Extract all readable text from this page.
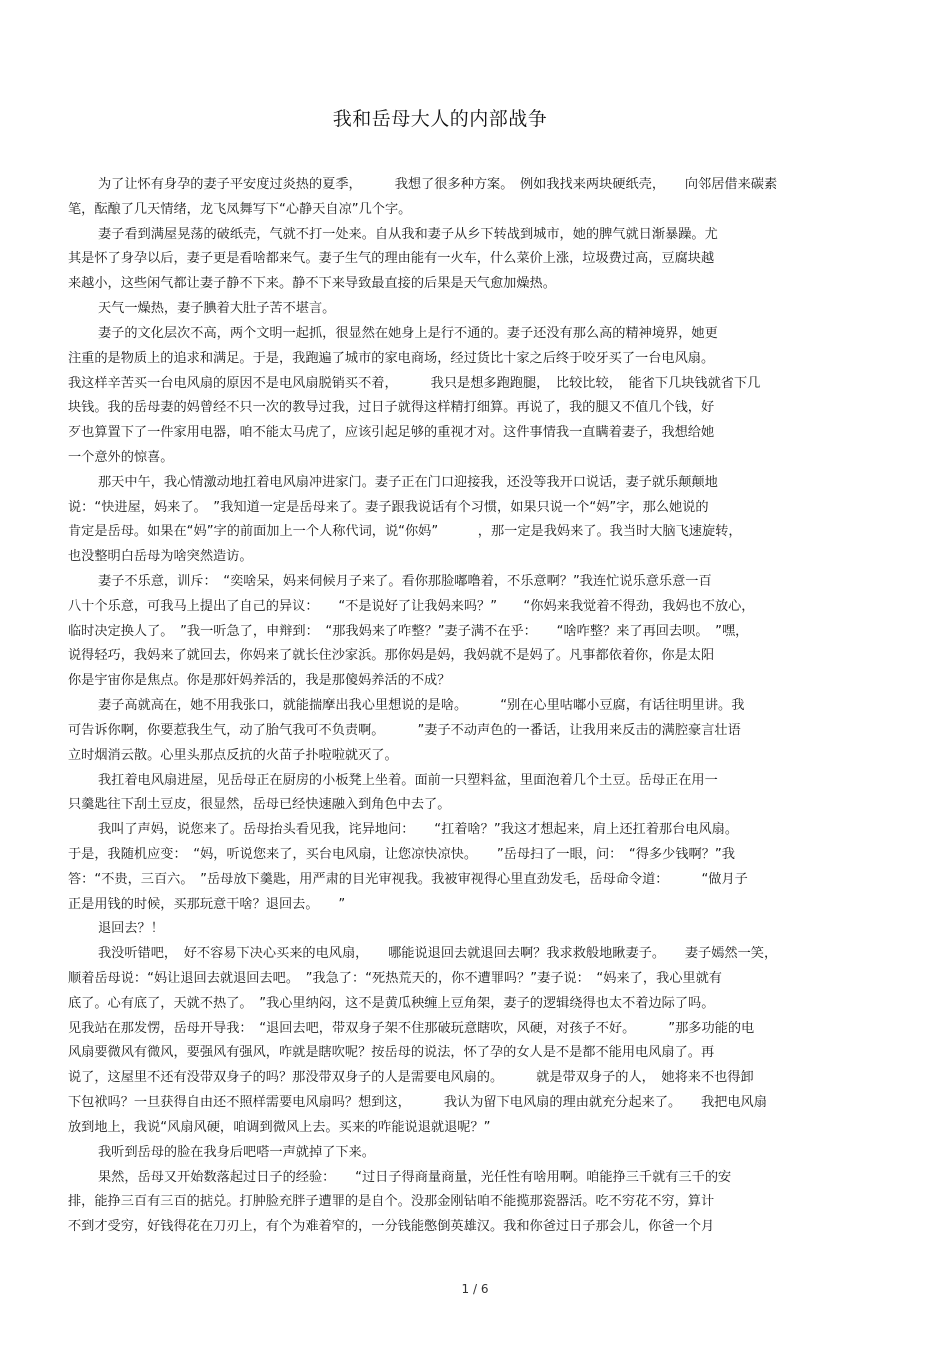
我和岳母大人的内部战争
为了让怀有身孕的妻子平安度过炎热的夏季，　　　我想了很多种方案。　例如我找来两块硬纸壳，　　向邻居借来碳素
笔，酝酿了几天情绪，龙飞凤舞写下“心静天自凉”几个字。
妻子看到满屋晃荡的破纸壳，气就不打一处来。自从我和妻子从乡下转战到城市，她的脾气就日渐暴躁。尤
其是怀了身孕以后，妻子更是看啥都来气。妻子生气的理由能有一火车，什么菜价上涨，垃圾费过高，豆腐块越
来越小，这些闲气都让妻子静不下来。静不下来导致最直接的后果是天气愈加燥热。
天气一燥热，妻子腆着大肚子苦不堪言。
妻子的文化层次不高，两个文明一起抓，很显然在她身上是行不通的。妻子还没有那么高的精神境界，她更
注重的是物质上的追求和满足。于是，我跑遍了城市的家电商场，经过货比十家之后终于咬牙买了一台电风扇。
我这样辛苦买一台电风扇的原因不是电风扇脱销买不着，　　　我只是想多跑跑腿，　比较比较，　能省下几块钱就省下几
块钱。我的岳母妻的妈曾经不只一次的教导过我，过日子就得这样精打细算。再说了，我的腿又不值几个钱，好
歹也算置下了一件家用电器，咱不能太马虎了，应该引起足够的重视才对。这件事情我一直瞒着妻子，我想给她
一个意外的惊喜。
那天中午，我心情激动地扛着电风扇冲进家门。妻子正在门口迎接我，还没等我开口说话，妻子就乐颠颠地
说：“快进屋，妈来了。　”我知道一定是岳母来了。妻子跟我说话有个习惯，如果只说一个“妈”字，那么她说的
肯定是岳母。如果在“妈”字的前面加上一个人称代词，说“你妈”　　　，那一定是我妈来了。我当时大脑飞速旋转，
也没整明白岳母为啥突然造访。
妻子不乐意，训斥：　“奕啥呆，妈来伺候月子来了。看你那脸嘟噜着，不乐意啊？”我连忙说乐意乐意一百
八十个乐意，可我马上提出了自己的异议：　　“不是说好了让我妈来吗？”　　“你妈来我觉着不得劲，我妈也不放心，
临时决定换人了。　”我一听急了，申辩到：　“那我妈来了咋整？”妻子满不在乎：　　“啥咋整？来了再回去呗。　”嘿，
说得轻巧，我妈来了就回去，你妈来了就长住沙家浜。那你妈是妈，我妈就不是妈了。凡事都依着你，你是太阳
你是宇宙你是焦点。你是那奸妈养活的，我是那傻妈养活的不成？
妻子高就高在，她不用我张口，就能揣摩出我心里想说的是啥。　　　“别在心里咕嘟小豆腐，有话往明里讲。我
可告诉你啊，你要惹我生气，动了胎气我可不负责啊。　　　”妻子不动声色的一番话，让我用来反击的满腔豪言壮语
立时烟消云散。心里头那点反抗的火苗子扑啦啦就灭了。
我扛着电风扇进屋，见岳母正在厨房的小板凳上坐着。面前一只塑料盆，里面泡着几个土豆。岳母正在用一
只羹匙往下刮土豆皮，很显然，岳母已经快速融入到角色中去了。
我叫了声妈，说您来了。岳母抬头看见我，诧异地问：　　“扛着啥？”我这才想起来，肩上还扛着那台电风扇。
于是，我随机应变：　“妈，听说您来了，买台电风扇，让您凉快凉快。　　”岳母扫了一眼，问：　“得多少钱啊？”我
答：“不贵，三百六。　”岳母放下羹匙，用严肃的目光审视我。我被审视得心里直劲发毛，岳母命令道：　　　“做月子
正是用钱的时候，买那玩意干啥？退回去。　　”
退回去？！
我没听错吧，　好不容易下决心买来的电风扇，　　哪能说退回去就退回去啊？我求救般地瞅妻子。　　妻子嫣然一笑，
顺着岳母说：“妈让退回去就退回去吧。　”我急了：“死热荒天的，你不遭罪吗？”妻子说：　“妈来了，我心里就有
底了。心有底了，天就不热了。　”我心里纳闷，这不是黄瓜秧缠上豆角架，妻子的逻辑绕得也太不着边际了吗。
见我站在那发愣，岳母开导我：　“退回去吧，带双身子架不住那破玩意瞎吹，风硬，对孩子不好。　　　”那多功能的电
风扇要微风有微风，要强风有强风，咋就是瞎吹呢？按岳母的说法，怀了孕的女人是不是都不能用电风扇了。再
说了，这屋里不还有没带双身子的吗？那没带双身子的人是需要电风扇的。　　　就是带双身子的人，　她将来不也得卸
下包袱吗？一旦获得自由还不照样需要电风扇吗？想到这，　　　我认为留下电风扇的理由就充分起来了。　　我把电风扇
放到地上，我说“风扇风硬，咱调到微风上去。买来的咋能说退就退呢？”
我听到岳母的脸在我身后吧嗒一声就掉了下来。
果然，岳母又开始数落起过日子的经验：　　“过日子得商量商量，光任性有啥用啊。咱能挣三千就有三千的安
排，能挣三百有三百的掂兑。打肿脸充胖子遭罪的是自个。没那金刚钻咱不能揽那瓷器活。吃不穷花不穷，算计
不到才受穷，好钱得花在刀刃上，有个为难着窄的，一分钱能憋倒英雄汉。我和你爸过日子那会儿，你爸一个月
1 / 6
